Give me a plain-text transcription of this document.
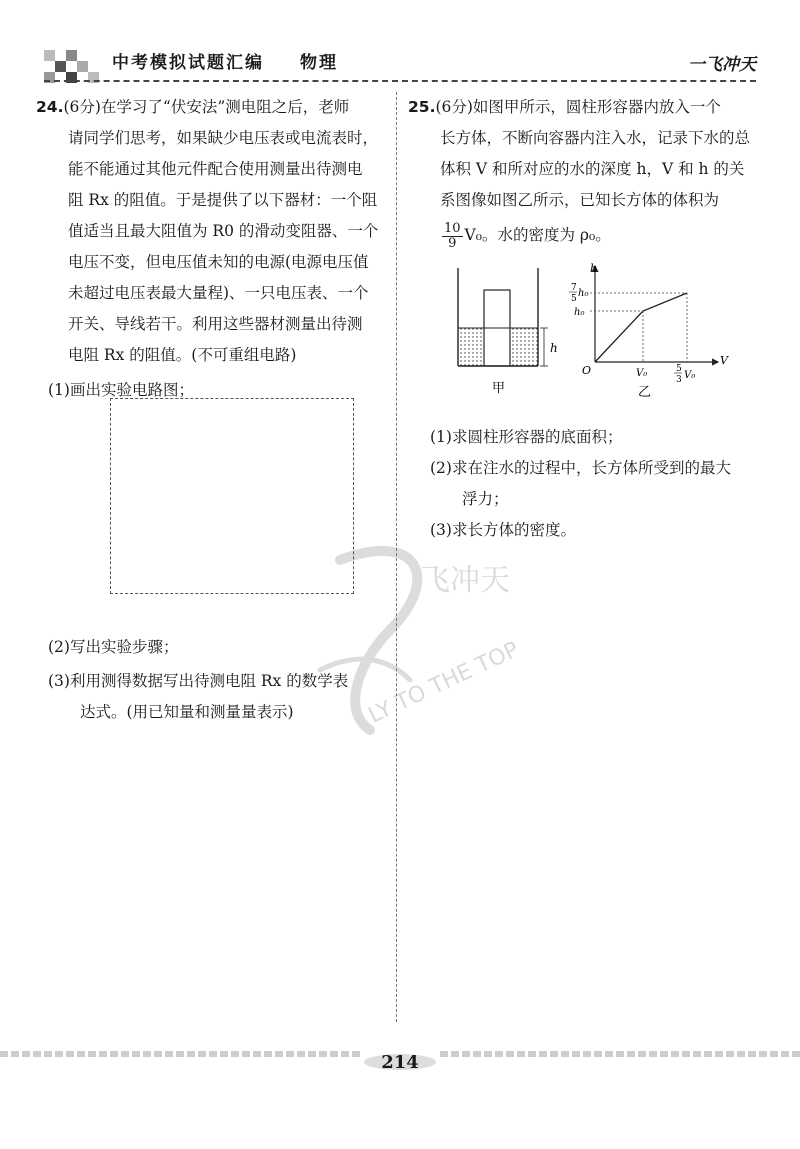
中考模拟试题汇编 物理	一飞冲天

24.(6分)在学习了“伏安法”测电阻之后，老师

请同学们思考，如果缺少电压表或电流表时，

能不能通过其他元件配合使用测量出待测电

阻 Rx 的阻值。于是提供了以下器材：一个阻

值适当且最大阻值为 R0 的滑动变阻器、一个

电压不变，但电压值未知的电源(电源电压值

未超过电压表最大量程)、一只电压表、一个

开关、导线若干。利用这些器材测量出待测

电阻 Rx 的阻值。(不可重组电路)

(1)画出实验电路图；

(2)写出实验步骤；

(3)利用测得数据写出待测电阻 Rx 的数学表

达式。(用已知量和测量量表示)

25.(6分)如图甲所示，圆柱形容器内放入一个

长方体，不断向容器内注入水，记录下水的总

体积 V 和所对应的水的深度 h，V 和 h 的关

系图像如图乙所示，已知长方体的体积为

$\frac{10}{9} V_0$。水的密度为 ρ₀。

(1)求圆柱形容器的底面积；

(2)求在注水的过程中，长方体所受到的最大

浮力；

(3)求长方体的密度。

h
甲
h
V
O
7
5 h₀
h₀
V₀	5
3 V₀
乙
飞冲天
LY TO THE TOP
214
